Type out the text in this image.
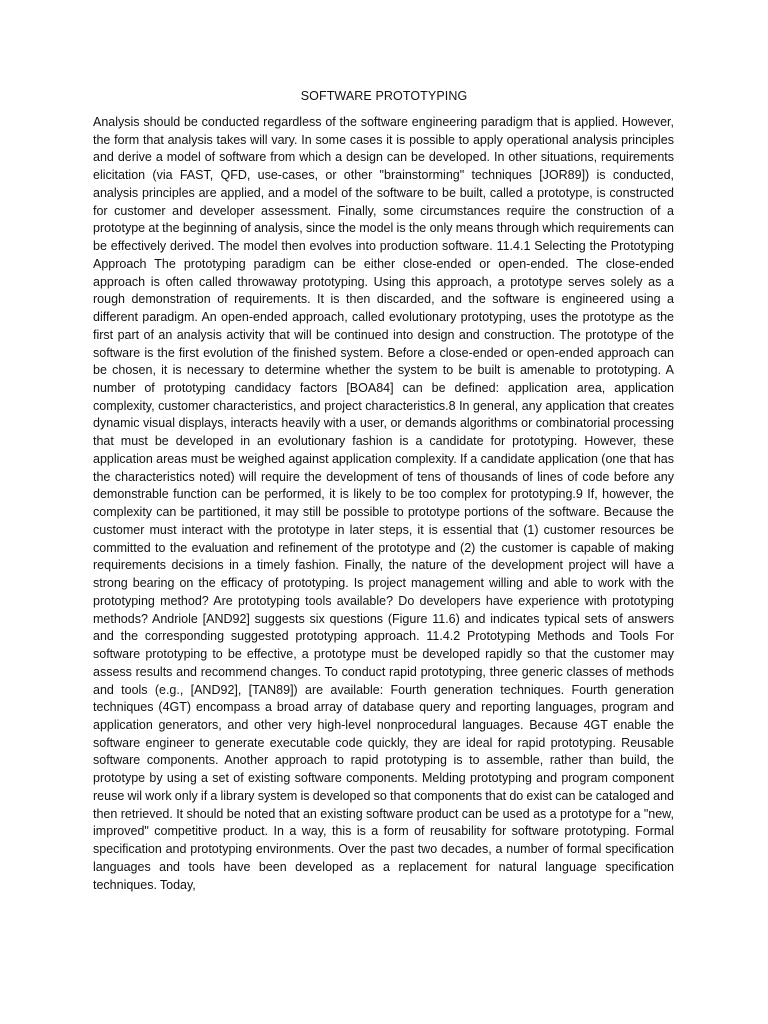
SOFTWARE PROTOTYPING

Analysis should be conducted regardless of the software engineering paradigm that is applied. However, the form that analysis takes will vary. In some cases it is possible to apply operational analysis principles and derive a model of software from which a design can be developed. In other situations, requirements elicitation (via FAST, QFD, use-cases, or other "brainstorming" techniques [JOR89]) is conducted, analysis principles are applied, and a model of the software to be built, called a prototype, is constructed for customer and developer assessment. Finally, some circumstances require the construction of a prototype at the beginning of analysis, since the model is the only means through which requirements can be effectively derived. The model then evolves into production software. 11.4.1 Selecting the Prototyping Approach The prototyping paradigm can be either close-ended or open-ended. The close-ended approach is often called throwaway prototyping. Using this approach, a prototype serves solely as a rough demonstration of requirements. It is then discarded, and the software is engineered using a different paradigm. An open-ended approach, called evolutionary prototyping, uses the prototype as the first part of an analysis activity that will be continued into design and construction. The prototype of the software is the first evolution of the finished system. Before a close-ended or open-ended approach can be chosen, it is necessary to determine whether the system to be built is amenable to prototyping. A number of prototyping candidacy factors [BOA84] can be defined: application area, application complexity, customer characteristics, and project characteristics.8 In general, any application that creates dynamic visual displays, interacts heavily with a user, or demands algorithms or combinatorial processing that must be developed in an evolutionary fashion is a candidate for prototyping. However, these application areas must be weighed against application complexity. If a candidate application (one that has the characteristics noted) will require the development of tens of thousands of lines of code before any demonstrable function can be performed, it is likely to be too complex for prototyping.9 If, however, the complexity can be partitioned, it may still be possible to prototype portions of the software. Because the customer must interact with the prototype in later steps, it is essential that (1) customer resources be committed to the evaluation and refinement of the prototype and (2) the customer is capable of making requirements decisions in a timely fashion. Finally, the nature of the development project will have a strong bearing on the efficacy of prototyping. Is project management willing and able to work with the prototyping method? Are prototyping tools available? Do developers have experience with prototyping methods? Andriole [AND92] suggests six questions (Figure 11.6) and indicates typical sets of answers and the corresponding suggested prototyping approach. 11.4.2 Prototyping Methods and Tools For software prototyping to be effective, a prototype must be developed rapidly so that the customer may assess results and recommend changes. To conduct rapid prototyping, three generic classes of methods and tools (e.g., [AND92], [TAN89]) are available: Fourth generation techniques. Fourth generation techniques (4GT) encompass a broad array of database query and reporting languages, program and application generators, and other very high-level nonprocedural languages. Because 4GT enable the software engineer to generate executable code quickly, they are ideal for rapid prototyping. Reusable software components. Another approach to rapid prototyping is to assemble, rather than build, the prototype by using a set of existing software components. Melding prototyping and program component reuse wil work only if a library system is developed so that components that do exist can be cataloged and then retrieved. It should be noted that an existing software product can be used as a prototype for a "new, improved" competitive product. In a way, this is a form of reusability for software prototyping. Formal specification and prototyping environments. Over the past two decades, a number of formal specification languages and tools have been developed as a replacement for natural language specification techniques. Today,
